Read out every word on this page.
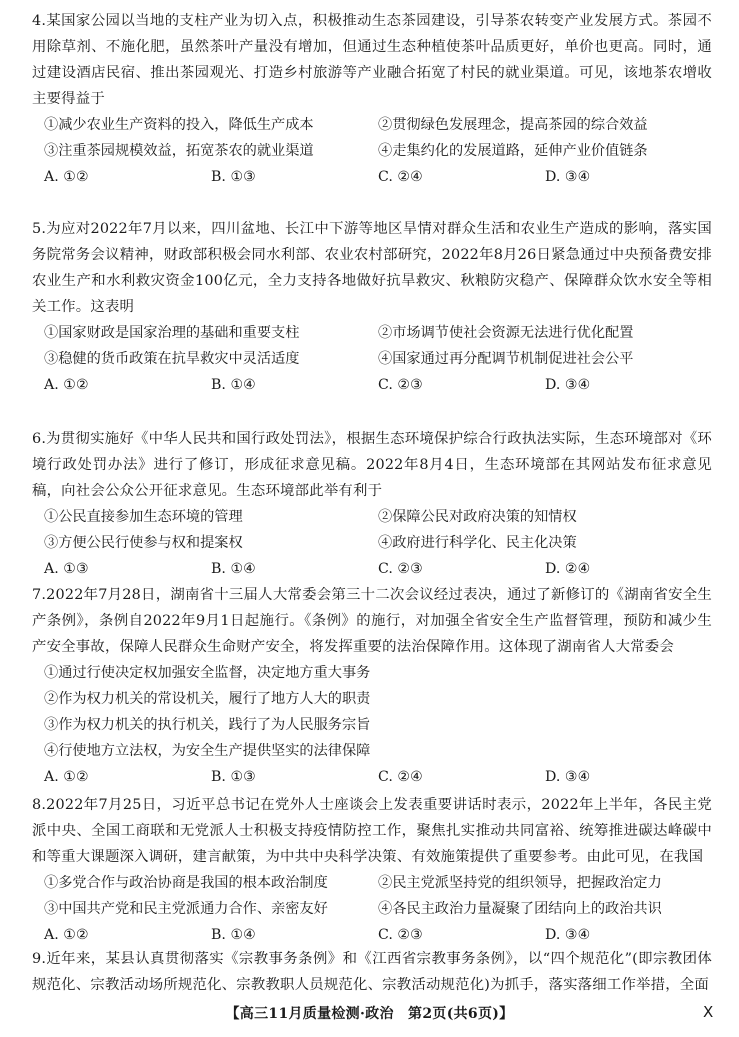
4.某国家公园以当地的支柱产业为切入点，积极推动生态茶园建设，引导茶农转变产业发展方式。茶园不用除草剂、不施化肥，虽然茶叶产量没有增加，但通过生态种植使茶叶品质更好，单价也更高。同时，通过建设酒店民宿、推出茶园观光、打造乡村旅游等产业融合拓宽了村民的就业渠道。可见，该地茶农增收主要得益于

①减少农业生产资料的投入，降低生产成本	②贯彻绿色发展理念，提高茶园的综合效益
③注重茶园规模效益，拓宽茶农的就业渠道	④走集约化的发展道路，延伸产业价值链条
A. ①②	B. ①③	C. ②④	D. ③④

5.为应对2022年7月以来，四川盆地、长江中下游等地区旱情对群众生活和农业生产造成的影响，落实国务院常务会议精神，财政部积极会同水利部、农业农村部研究，2022年8月26日紧急通过中央预备费安排农业生产和水利救灾资金100亿元，全力支持各地做好抗旱救灾、秋粮防灾稳产、保障群众饮水安全等相关工作。这表明

①国家财政是国家治理的基础和重要支柱	②市场调节使社会资源无法进行优化配置
③稳健的货币政策在抗旱救灾中灵活适度	④国家通过再分配调节机制促进社会公平
A. ①②	B. ①④	C. ②③	D. ③④

6.为贯彻实施好《中华人民共和国行政处罚法》，根据生态环境保护综合行政执法实际，生态环境部对《环境行政处罚办法》进行了修订，形成征求意见稿。2022年8月4日，生态环境部在其网站发布征求意见稿，向社会公众公开征求意见。生态环境部此举有利于

①公民直接参加生态环境的管理	②保障公民对政府决策的知情权
③方便公民行使参与权和提案权	④政府进行科学化、民主化决策
A. ①③	B. ①④	C. ②③	D. ②④

7.2022年7月28日，湖南省十三届人大常委会第三十二次会议经过表决，通过了新修订的《湖南省安全生产条例》，条例自2022年9月1日起施行。《条例》的施行，对加强全省安全生产监督管理，预防和减少生产安全事故，保障人民群众生命财产安全，将发挥重要的法治保障作用。这体现了湖南省人大常委会

①通过行使决定权加强安全监督，决定地方重大事务
②作为权力机关的常设机关，履行了地方人大的职责
③作为权力机关的执行机关，践行了为人民服务宗旨
④行使地方立法权，为安全生产提供坚实的法律保障
A. ①②	B. ①③	C. ②④	D. ③④

8.2022年7月25日，习近平总书记在党外人士座谈会上发表重要讲话时表示，2022年上半年，各民主党派中央、全国工商联和无党派人士积极支持疫情防控工作，聚焦扎实推动共同富裕、统筹推进碳达峰碳中和等重大课题深入调研，建言献策，为中共中央科学决策、有效施策提供了重要参考。由此可见，在我国

①多党合作与政治协商是我国的根本政治制度	②民主党派坚持党的组织领导，把握政治定力
③中国共产党和民主党派通力合作、亲密友好	④各民主政治力量凝聚了团结向上的政治共识
A. ①②	B. ①④	C. ②③	D. ③④

9.近年来，某县认真贯彻落实《宗教事务条例》和《江西省宗教事务条例》，以“四个规范化”(即宗教团体规范化、宗教活动场所规范化、宗教教职人员规范化、宗教活动规范化)为抓手，落实落细工作举措，全面

【高三11月质量检测·政治　第2页(共6页)】	X
